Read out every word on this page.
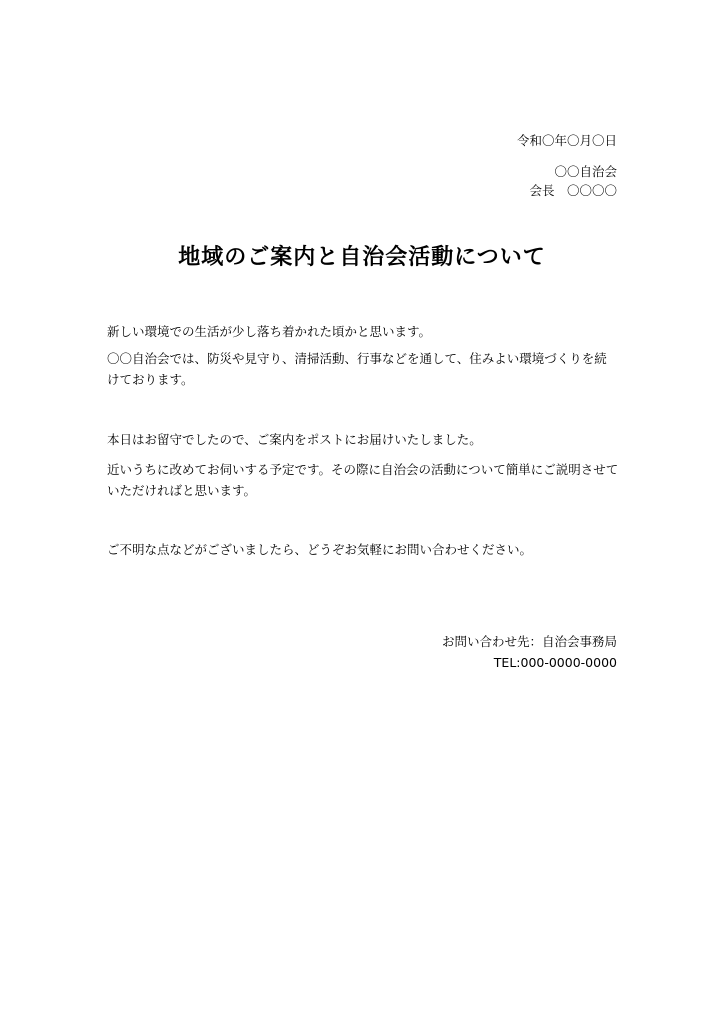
令和〇年〇月〇日
〇〇自治会
会長　〇〇〇〇
地域のご案内と自治会活動について

新しい環境での生活が少し落ち着かれた頃かと思います。

〇〇自治会では、防災や見守り、清掃活動、行事などを通して、住みよい環境づくりを続けております。

本日はお留守でしたので、ご案内をポストにお届けいたしました。

近いうちに改めてお伺いする予定です。その際に自治会の活動について簡単にご説明させていただければと思います。

ご不明な点などがございましたら、どうぞお気軽にお問い合わせください。

お問い合わせ先：自治会事務局
TEL:000-0000-0000
